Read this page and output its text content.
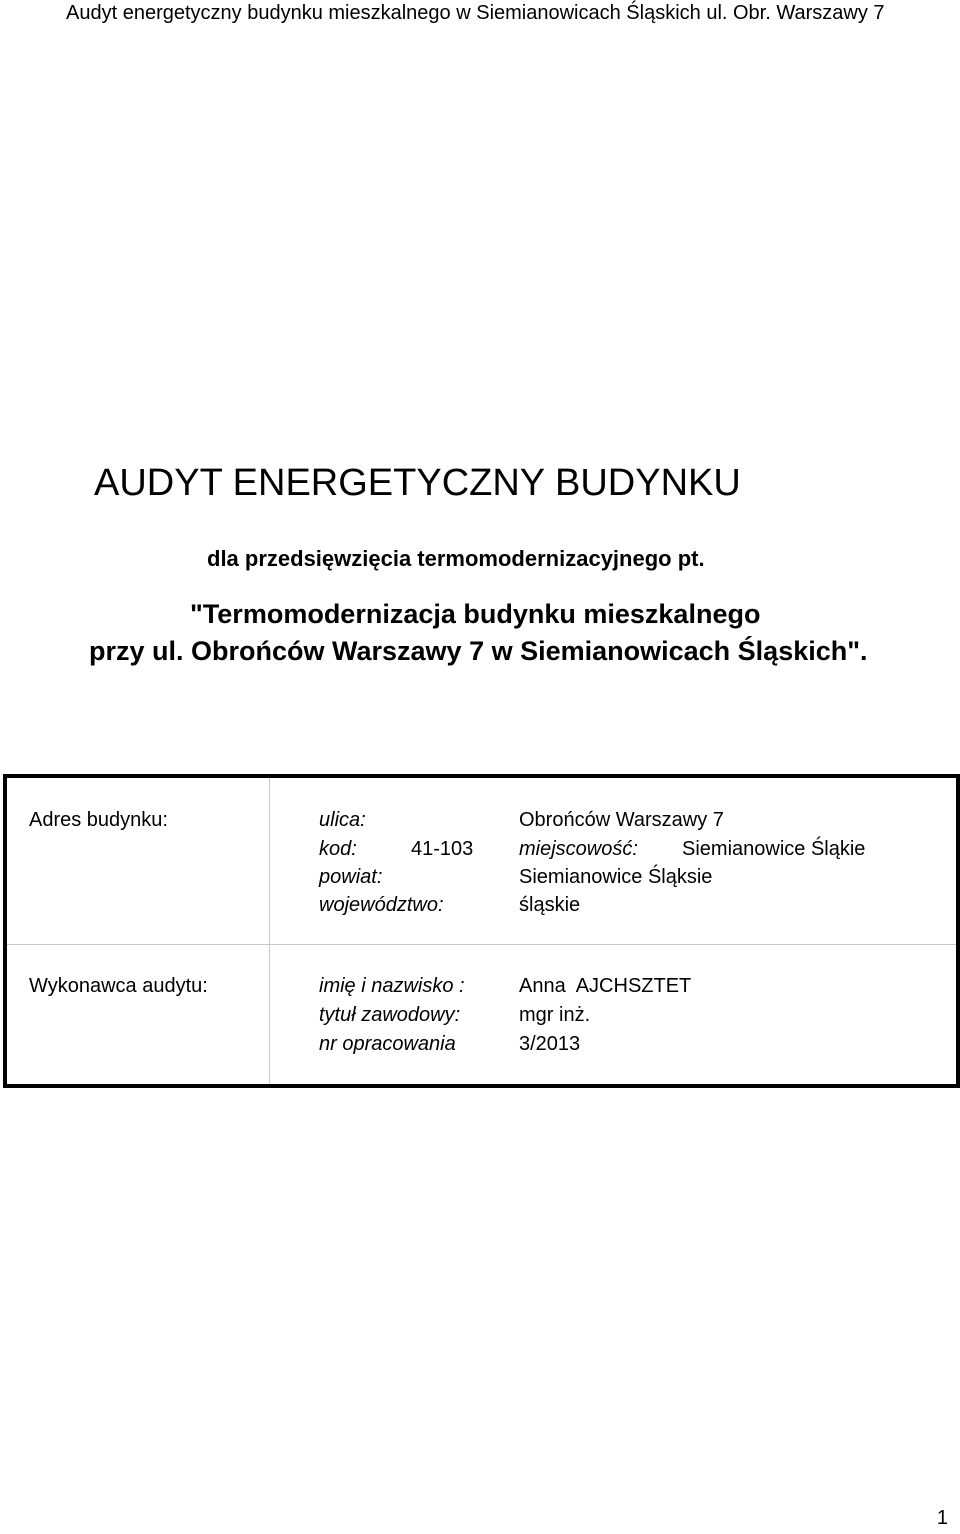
Audyt energetyczny budynku mieszkalnego w Siemianowicach Śląskich ul. Obr. Warszawy 7
AUDYT ENERGETYCZNY BUDYNKU
dla przedsięwzięcia termomodernizacyjnego pt.
"Termomodernizacja budynku mieszkalnego
przy ul. Obrońców Warszawy 7 w Siemianowicach Śląskich".
Adres budynku:	ulica:	Obrońców Warszawy 7
kod:	41-103 miejscowość: Siemianowice Śląkie
powiat:	Siemianowice Śląksie
województwo:	śląskie
Wykonawca audytu:	imię i nazwisko :	Anna  AJCHSZTET
tytuł zawodowy:	mgr inż.
nr opracowania	3/2013
1
